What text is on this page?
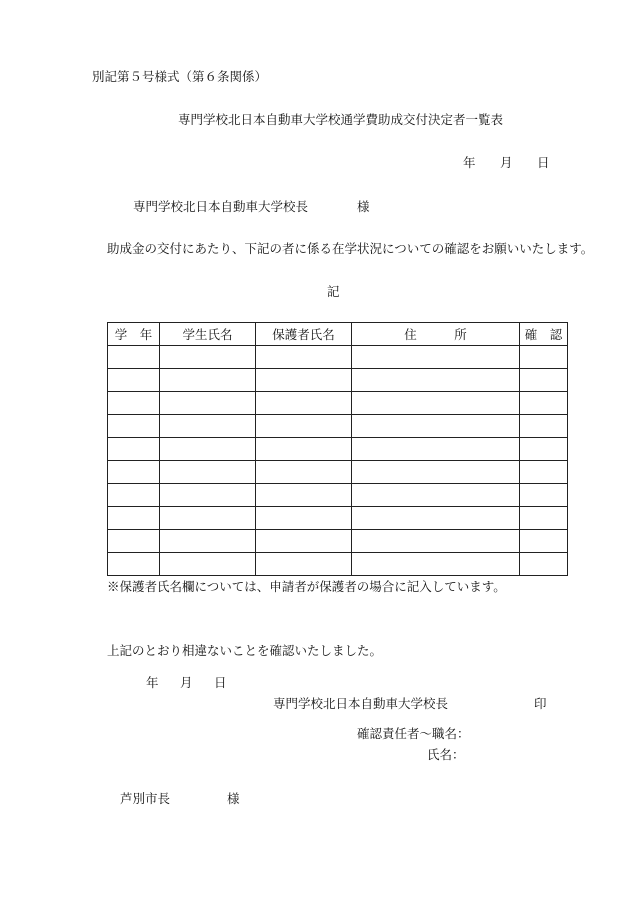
別記第５号様式（第６条関係）
専門学校北日本自動車大学校通学費助成交付決定者一覧表
年 月 日
専門学校北日本自動車大学校長	様
助成金の交付にあたり、下記の者に係る在学状況についての確認をお願いいたします。
記
学　年	学生氏名	保護者氏名	住　　　所	確　認

※保護者氏名欄については、申請者が保護者の場合に記入しています。
上記のとおり相違ないことを確認いたしました。
年 月 日
専門学校北日本自動車大学校長	印
確認責任者～職名：
氏名：
芦別市長	様
